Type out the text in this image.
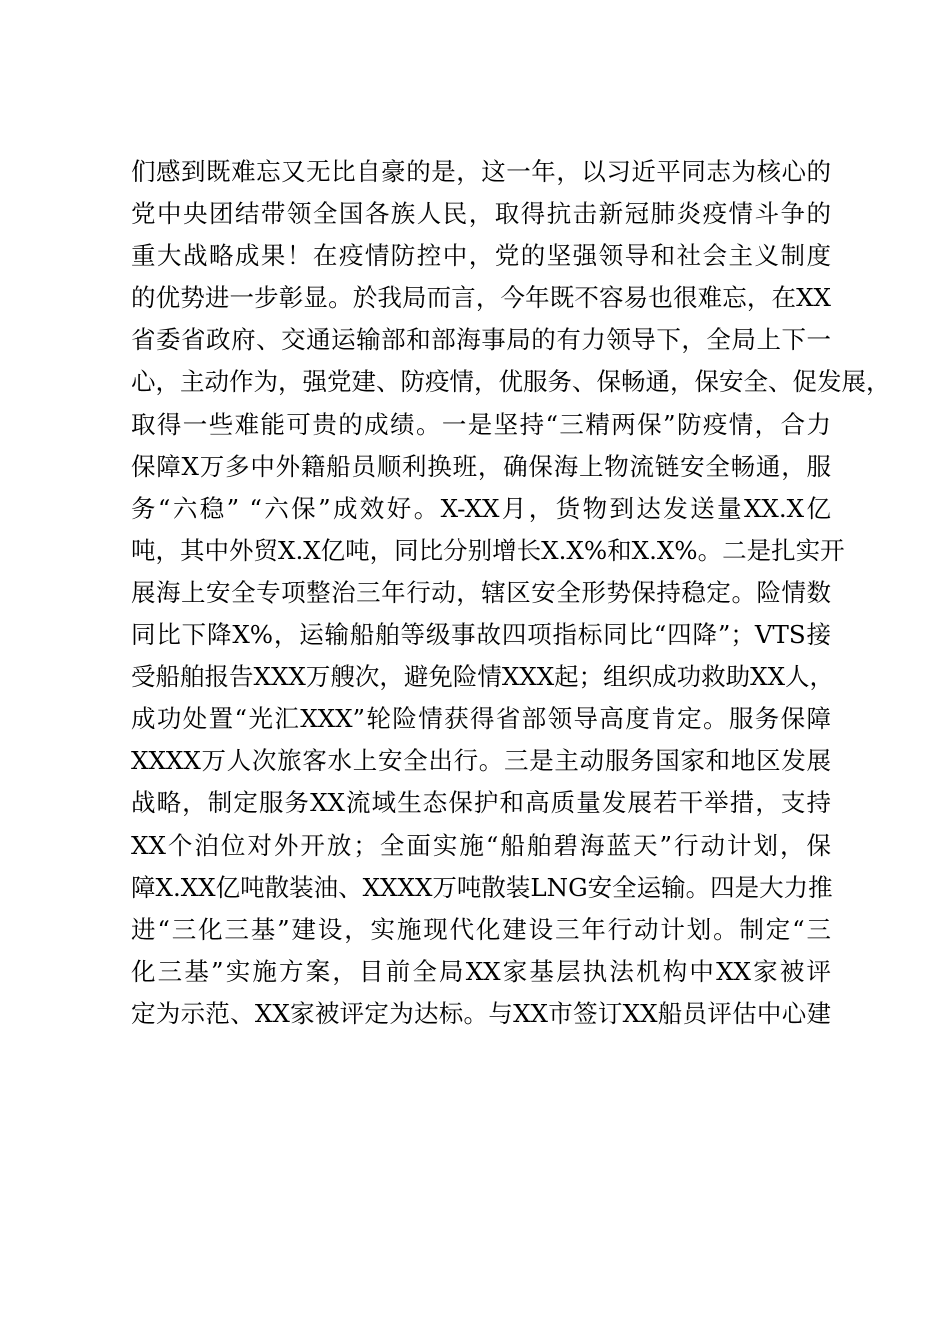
们感到既难忘又无比自豪的是，这一年，以习近平同志为核心的
党中央团结带领全国各族人民，取得抗击新冠肺炎疫情斗争的
重大战略成果！在疫情防控中，党的坚强领导和社会主义制度
的优势进一步彰显。於我局而言，今年既不容易也很难忘，在XX
省委省政府、交通运输部和部海事局的有力领导下，全局上下一
心，主动作为，强党建、防疫情，优服务、保畅通，保安全、促发展，
取得一些难能可贵的成绩。一是坚持“三精两保”防疫情，合力
保障X万多中外籍船员顺利换班，确保海上物流链安全畅通，服
务“六稳” “六保”成效好。X-XX月，货物到达发送量XX.X亿
吨，其中外贸X.X亿吨，同比分别增长X.X%和X.X%。二是扎实开
展海上安全专项整治三年行动，辖区安全形势保持稳定。险情数
同比下降X%，运输船舶等级事故四项指标同比“四降”；VTS接
受船舶报告XXX万艘次，避免险情XXX起；组织成功救助XX人，
成功处置“光汇XXX”轮险情获得省部领导高度肯定。服务保障
XXXX万人次旅客水上安全出行。三是主动服务国家和地区发展
战略，制定服务XX流域生态保护和高质量发展若干举措，支持
XX个泊位对外开放；全面实施“船舶碧海蓝天”行动计划，保
障X.XX亿吨散装油、XXXX万吨散装LNG安全运输。四是大力推
进“三化三基”建设，实施现代化建设三年行动计划。制定“三
化三基”实施方案，目前全局XX家基层执法机构中XX家被评
定为示范、XX家被评定为达标。与XX市签订XX船员评估中心建
